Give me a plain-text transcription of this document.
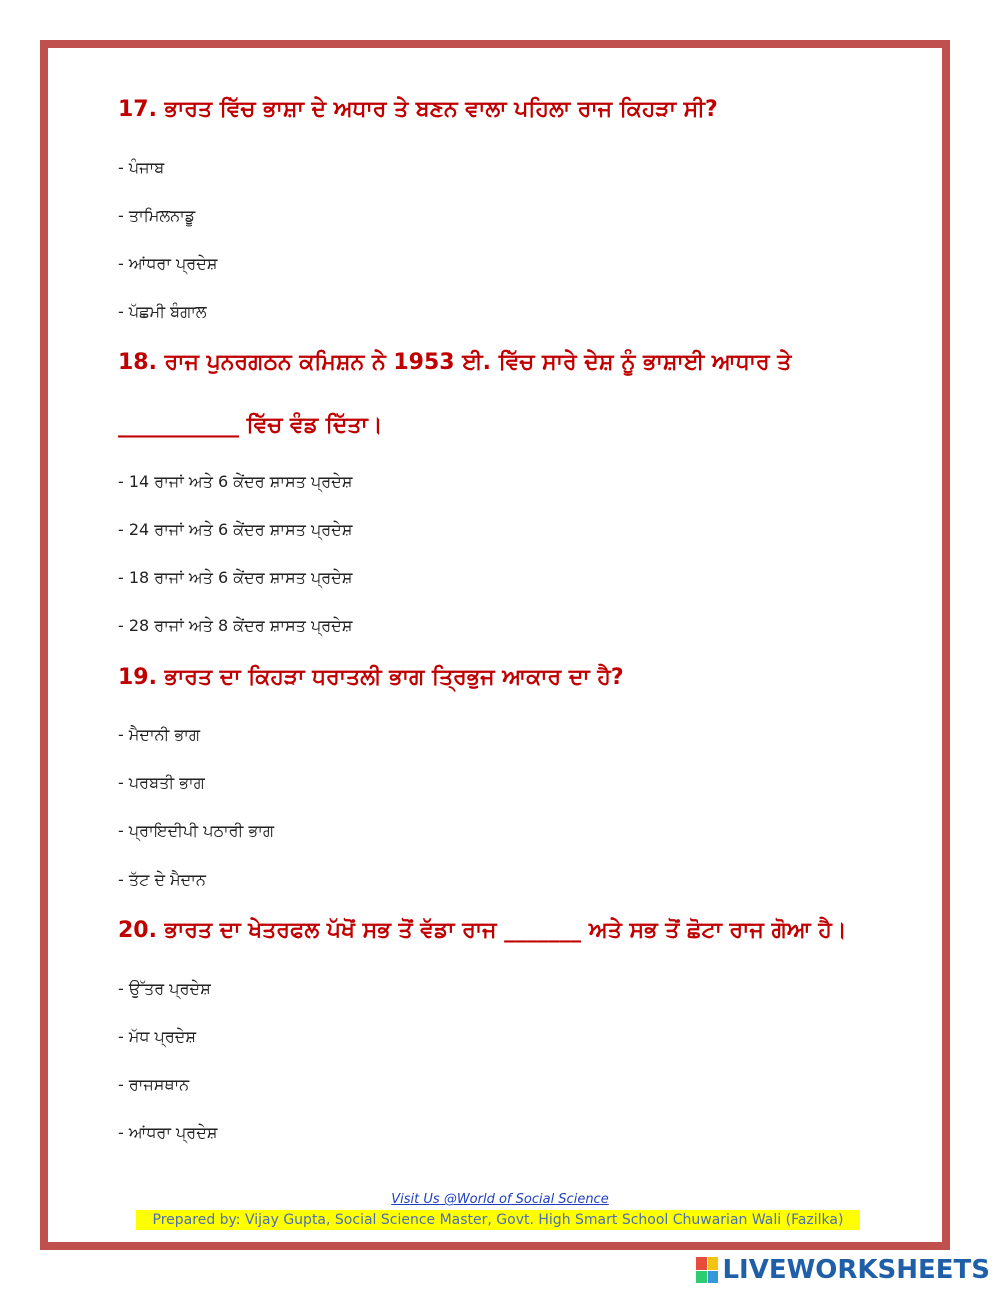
17. ਭਾਰਤ ਵਿੱਚ ਭਾਸ਼ਾ ਦੇ ਅਧਾਰ ਤੇ ਬਣਨ ਵਾਲਾ ਪਹਿਲਾ ਰਾਜ ਕਿਹੜਾ ਸੀ?
- ਪੰਜਾਬ
- ਤਾਮਿਲਨਾਡੂ
- ਆਂਧਰਾ ਪ੍ਰਦੇਸ਼
- ਪੱਛਮੀ ਬੰਗਾਲ
18. ਰਾਜ ਪੁਨਰਗਠਨ ਕਮਿਸ਼ਨ ਨੇ 1953 ਈ. ਵਿੱਚ ਸਾਰੇ ਦੇਸ਼ ਨੂੰ ਭਾਸ਼ਾਈ ਆਧਾਰ ਤੇ
___________ ਵਿੱਚ ਵੰਡ ਦਿੱਤਾ।
- 14 ਰਾਜਾਂ ਅਤੇ 6 ਕੇਂਦਰ ਸ਼ਾਸਤ ਪ੍ਰਦੇਸ਼
- 24 ਰਾਜਾਂ ਅਤੇ 6 ਕੇਂਦਰ ਸ਼ਾਸਤ ਪ੍ਰਦੇਸ਼
- 18 ਰਾਜਾਂ ਅਤੇ 6 ਕੇਂਦਰ ਸ਼ਾਸਤ ਪ੍ਰਦੇਸ਼
- 28 ਰਾਜਾਂ ਅਤੇ 8 ਕੇਂਦਰ ਸ਼ਾਸਤ ਪ੍ਰਦੇਸ਼
19. ਭਾਰਤ ਦਾ ਕਿਹੜਾ ਧਰਾਤਲੀ ਭਾਗ ਤ੍ਰਿਭੁਜ ਆਕਾਰ ਦਾ ਹੈ?
- ਮੈਦਾਨੀ ਭਾਗ
- ਪਰਬਤੀ ਭਾਗ
- ਪ੍ਰਾਇਦੀਪੀ ਪਠਾਰੀ ਭਾਗ
- ਤੱਟ ਦੇ ਮੈਦਾਨ
20. ਭਾਰਤ ਦਾ ਖੇਤਰਫਲ ਪੱਖੋਂ ਸਭ ਤੋਂ ਵੱਡਾ ਰਾਜ _______ ਅਤੇ ਸਭ ਤੋਂ ਛੋਟਾ ਰਾਜ ਗੋਆ ਹੈ।
- ਉੱਤਰ ਪ੍ਰਦੇਸ਼
- ਮੱਧ ਪ੍ਰਦੇਸ਼
- ਰਾਜਸਥਾਨ
- ਆਂਧਰਾ ਪ੍ਰਦੇਸ਼
Visit Us @World of Social Science
Prepared by: Vijay Gupta, Social Science Master, Govt. High Smart School Chuwarian Wali (Fazilka)
LIVEWORKSHEETS
